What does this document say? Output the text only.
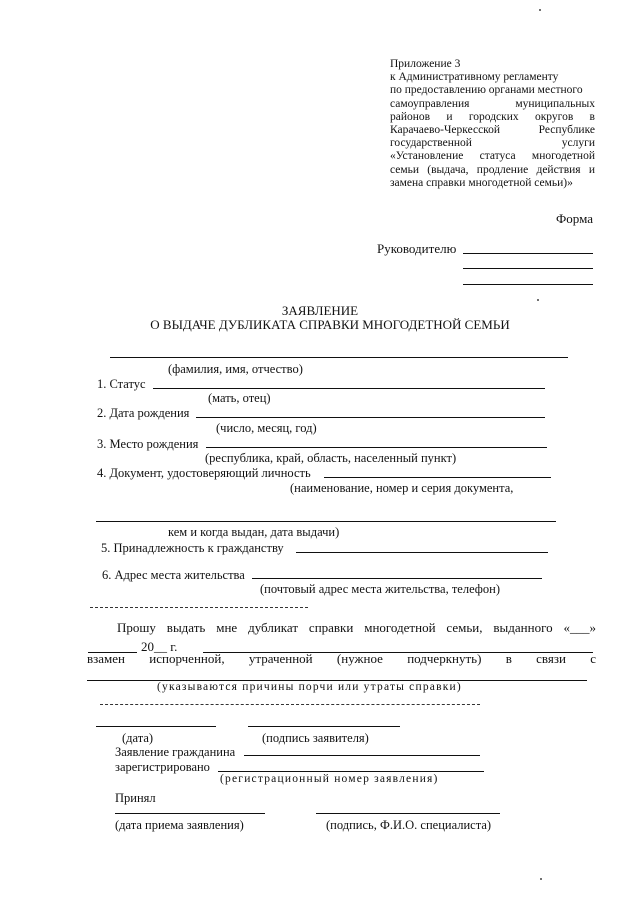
Приложение 3
к Административному регламенту
по предоставлению органами местного
самоуправления муниципальных
районов и городских округов в
Карачаево-Черкесской Республике
государственной услуги
«Установление статуса многодетной
семьи (выдача, продление действия и
замена справки многодетной семьи)»
Форма
Руководителю
ЗАЯВЛЕНИЕ
О ВЫДАЧЕ ДУБЛИКАТА СПРАВКИ МНОГОДЕТНОЙ СЕМЬИ
(фамилия, имя, отчество)
1. Статус
(мать, отец)
2. Дата рождения
(число, месяц, год)
3. Место рождения
(республика, край, область, населенный пункт)
4. Документ, удостоверяющий личность
(наименование, номер и серия документа,
кем и когда выдан, дата выдачи)
5. Принадлежность к гражданству
6. Адрес места жительства
(почтовый адрес места жительства, телефон)
Прошу выдать мне дубликат справки многодетной семьи, выданного «___»
20__ г.
взамен испорченной, утраченной (нужное подчеркнуть) в связи с
(указываются причины порчи или утраты справки)
(дата)	(подпись заявителя)
Заявление гражданина
зарегистрировано
(регистрационный номер заявления)
Принял
(дата приема заявления)	(подпись, Ф.И.О. специалиста)
